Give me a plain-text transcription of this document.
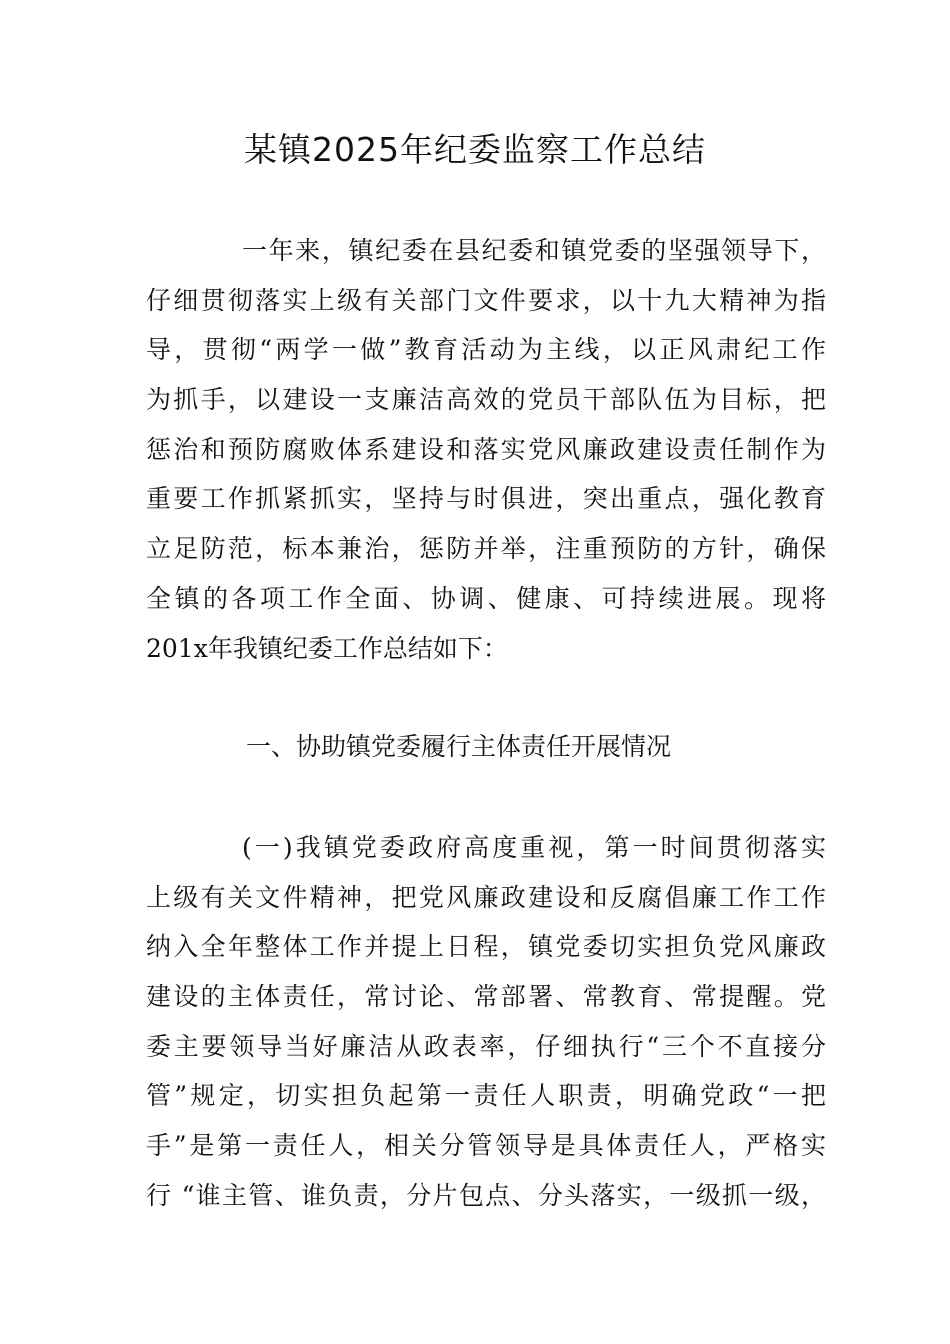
某镇2025年纪委监察工作总结
一年来，镇纪委在县纪委和镇党委的坚强领导下，
仔细贯彻落实上级有关部门文件要求，以十九大精神为指
导，贯彻“两学一做”教育活动为主线，以正风肃纪工作
为抓手，以建设一支廉洁高效的党员干部队伍为目标，把
惩治和预防腐败体系建设和落实党风廉政建设责任制作为
重要工作抓紧抓实，坚持与时俱进，突出重点，强化教育
立足防范，标本兼治，惩防并举，注重预防的方针，确保
全镇的各项工作全面、协调、健康、可持续进展。现将
201x年我镇纪委工作总结如下：
一、协助镇党委履行主体责任开展情况
(一)我镇党委政府高度重视，第一时间贯彻落实
上级有关文件精神，把党风廉政建设和反腐倡廉工作工作
纳入全年整体工作并提上日程，镇党委切实担负党风廉政
建设的主体责任，常讨论、常部署、常教育、常提醒。党
委主要领导当好廉洁从政表率，仔细执行“三个不直接分
管”规定，切实担负起第一责任人职责，明确党政“一把
手”是第一责任人，相关分管领导是具体责任人，严格实
行 “谁主管、谁负责，分片包点、分头落实，一级抓一级，
